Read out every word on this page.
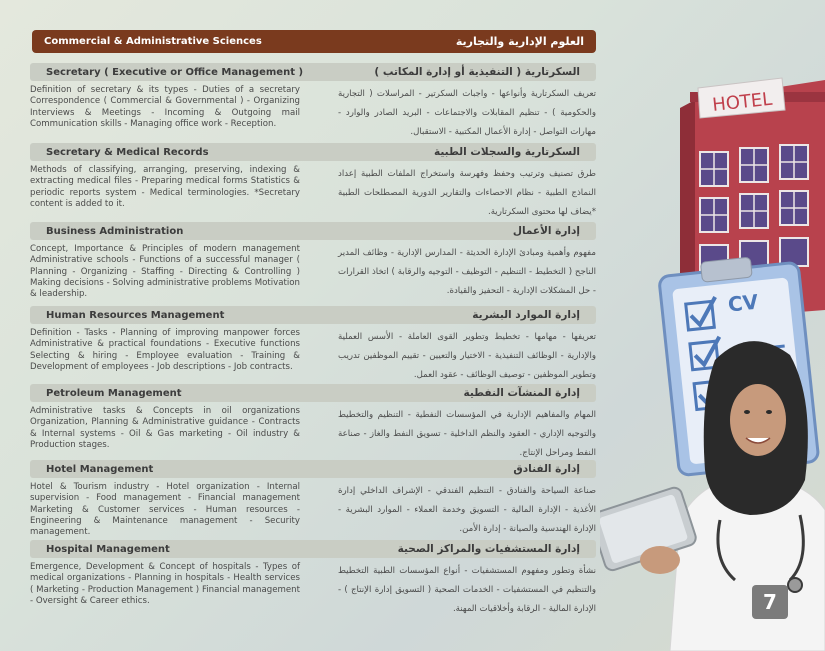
Commercial & Administrative Sciences	العلوم الإدارية والتجارية
Secretary ( Executive or Office Management )	السكرتارية ( التنفيذية أو إدارة المكاتب )
Definition of secretary & its types - Duties of a secretary Correspondence ( Commercial & Governmental ) - Organizing Interviews & Meetings - Incoming & Outgoing mail Communication skills - Managing office work - Reception.
تعريف السكرتارية وأنواعها - واجبات السكرتير - المراسلات ( التجارية والحكومية ) - تنظيم المقابلات والاجتماعات - البريد الصادر والوارد - مهارات التواصل - إدارة الأعمال المكتبية - الاستقبال.
Secretary & Medical Records	السكرتارية والسجلات الطبية
Methods of classifying, arranging, preserving, indexing & extracting medical files - Preparing medical forms Statistics & periodic reports system - Medical terminologies. *Secretary content is added to it.
طرق تصنيف وترتيب وحفظ وفهرسة واستخراج الملفات الطبية إعداد النماذج الطبية - نظام الاحصاءات والتقارير الدورية المصطلحات الطبية *يضاف لها محتوى السكرتارية.
Business Administration	إدارة الأعمال
Concept, Importance & Principles of modern management Administrative schools - Functions of a successful manager ( Planning - Organizing - Staffing - Directing & Controlling ) Making decisions - Solving administrative problems Motivation & leadership.
مفهوم وأهمية ومبادئ الإدارة الحديثة - المدارس الإدارية - وظائف المدير الناجح ( التخطيط - التنظيم - التوظيف - التوجيه والرقابة ) اتخاذ القرارات - حل المشكلات الإدارية - التحفيز والقيادة.
Human Resources Management	إدارة الموارد البشرية
Definition - Tasks - Planning of improving manpower forces Administrative & practical foundations - Executive functions Selecting & hiring - Employee evaluation - Training & Development of employees - Job descriptions - Job contracts.
تعريفها - مهامها - تخطيط وتطوير القوى العاملة - الأسس العملية والإدارية - الوظائف التنفيذية - الاختيار والتعيين - تقييم الموظفين تدريب وتطوير الموظفين - توصيف الوظائف - عقود العمل.
Petroleum Management	إدارة المنشآت النفطية
Administrative tasks & Concepts in oil organizations Organization, Planning & Administrative guidance - Contracts & Internal systems - Oil & Gas marketing - Oil industry & Production stages.
المهام والمفاهيم الإدارية في المؤسسات النفطية - التنظيم والتخطيط والتوجيه الإداري - العقود والنظم الداخلية - تسويق النفط والغاز - صناعة النفط ومراحل الإنتاج.
Hotel Management	إدارة الفنادق
Hotel & Tourism industry - Hotel organization - Internal supervision - Food management - Financial management Marketing & Customer services - Human resources - Engineering & Maintenance management - Security management.
صناعة السياحة والفنادق - التنظيم الفندقي - الإشراف الداخلي إدارة الأغذية - الإدارة المالية - التسويق وخدمة العملاء - الموارد البشرية - الإدارة الهندسية والصيانة - إدارة الأمن.
Hospital Management	إدارة المستشفيات والمراكز الصحية
Emergence, Development & Concept of hospitals - Types of medical organizations - Planning in hospitals - Health services ( Marketing - Production Management ) Financial management - Oversight & Career ethics.
نشأة وتطور ومفهوم المستشفيات - أنواع المؤسسات الطبية التخطيط والتنظيم في المستشفيات - الخدمات الصحية ( التسويق إدارة الإنتاج ) - الإدارة المالية - الرقابة وأخلاقيات المهنة.
HOTEL
CV
7
